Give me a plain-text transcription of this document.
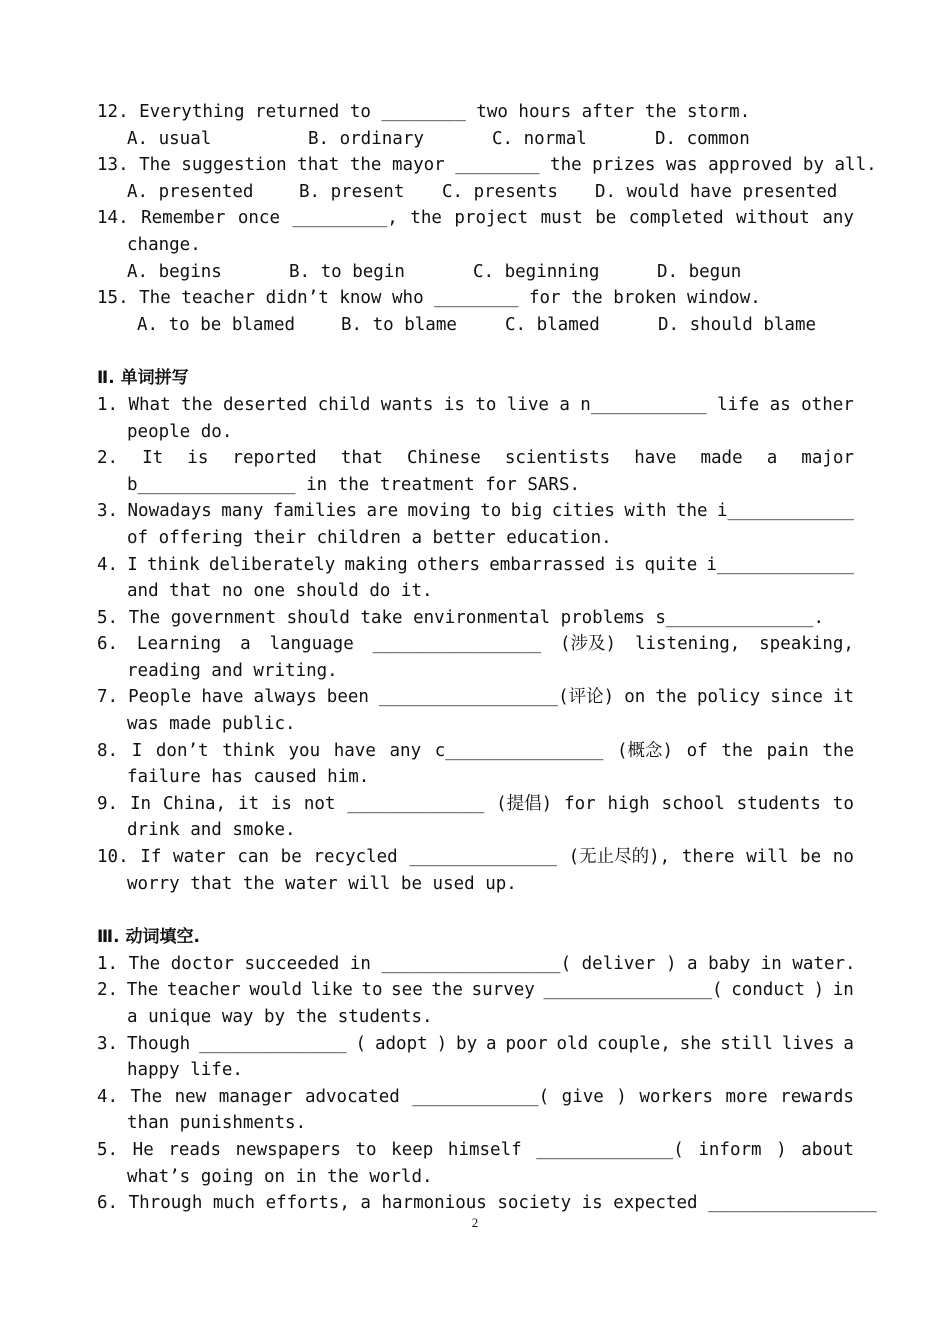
12. Everything returned to ________ two hours after the storm.
A. usual	B. ordinary	C. normal	D. common
13. The suggestion that the mayor ________ the prizes was approved by all.
A. presented	B. present	C. presents	D. would have presented
14. Remember once _________, the project must be completed without any
change.
A. begins	B. to begin	C. beginning	D. begun
15. The teacher didn’t know who ________ for the broken window.
A. to be blamed	B. to blame	C. blamed	D. should blame
Ⅱ. 单词拼写
1. What the deserted child wants is to live a n___________ life as other
people do.
2. It is reported that Chinese scientists have made a major
b_______________ in the treatment for SARS.
3. Nowadays many families are moving to big cities with the i____________
of offering their children a better education.
4. I think deliberately making others embarrassed is quite i_____________
and that no one should do it.
5. The government should take environmental problems s______________.
6. Learning a language ________________ (涉及) listening, speaking,
reading and writing.
7. People have always been _________________(评论) on the policy since it
was made public.
8. I don’t think you have any c_______________ (概念) of the pain the
failure has caused him.
9. In China, it is not _____________ (提倡) for high school students to
drink and smoke.
10. If water can be recycled ______________ (无止尽的), there will be no
worry that the water will be used up.
Ⅲ. 动词填空.
1. The doctor succeeded in _________________( deliver ) a baby in water.
2. The teacher would like to see the survey ________________( conduct ) in
a unique way by the students.
3. Though ______________ ( adopt ) by a poor old couple, she still lives a
happy life.
4. The new manager advocated ____________( give ) workers more rewards
than punishments.
5. He reads newspapers to keep himself _____________( inform ) about
what’s going on in the world.
6. Through much efforts, a harmonious society is expected ________________
2
